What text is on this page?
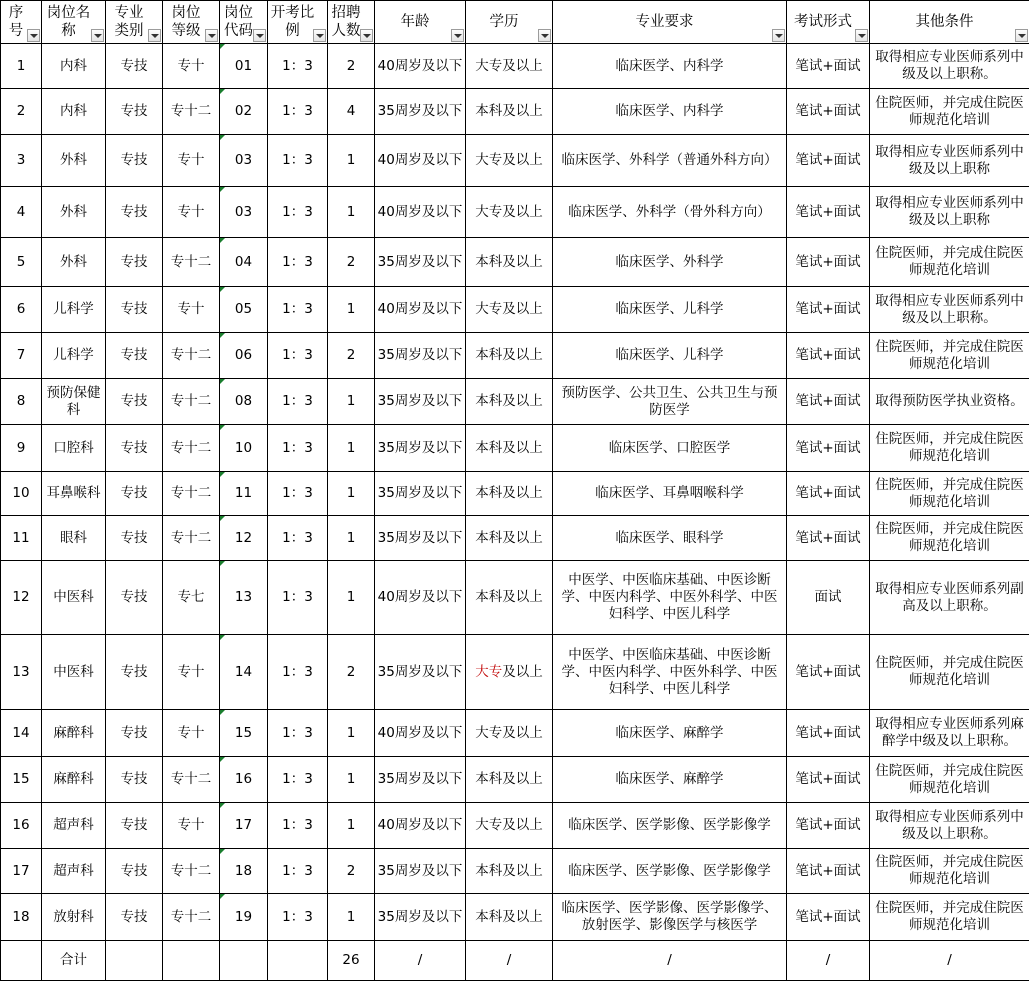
序号	岗位名称	专业类别	岗位等级	岗位代码	开考比例	招聘人数	年龄	学历	专业要求	考试形式	其他条件

1	内科	专技	专十	01	1：3	2	40周岁及以下	大专及以上	临床医学、内科学	笔试+面试	取得相应专业医师系列中级及以上职称。
2	内科	专技	专十二	02	1：3	4	35周岁及以下	本科及以上	临床医学、内科学	笔试+面试	住院医师，并完成住院医师规范化培训
3	外科	专技	专十	03	1：3	1	40周岁及以下	大专及以上	临床医学、外科学（普通外科方向）	笔试+面试	取得相应专业医师系列中级及以上职称
4	外科	专技	专十	03	1：3	1	40周岁及以下	大专及以上	临床医学、外科学（骨外科方向）	笔试+面试	取得相应专业医师系列中级及以上职称
5	外科	专技	专十二	04	1：3	2	35周岁及以下	本科及以上	临床医学、外科学	笔试+面试	住院医师，并完成住院医师规范化培训
6	儿科学	专技	专十	05	1：3	1	40周岁及以下	大专及以上	临床医学、儿科学	笔试+面试	取得相应专业医师系列中级及以上职称。
7	儿科学	专技	专十二	06	1：3	2	35周岁及以下	本科及以上	临床医学、儿科学	笔试+面试	住院医师，并完成住院医师规范化培训
8	预防保健科	专技	专十二	08	1：3	1	35周岁及以下	本科及以上	预防医学、公共卫生、公共卫生与预防医学	笔试+面试	取得预防医学执业资格。
9	口腔科	专技	专十二	10	1：3	1	35周岁及以下	本科及以上	临床医学、口腔医学	笔试+面试	住院医师，并完成住院医师规范化培训
10	耳鼻喉科	专技	专十二	11	1：3	1	35周岁及以下	本科及以上	临床医学、耳鼻咽喉科学	笔试+面试	住院医师，并完成住院医师规范化培训
11	眼科	专技	专十二	12	1：3	1	35周岁及以下	本科及以上	临床医学、眼科学	笔试+面试	住院医师，并完成住院医师规范化培训
12	中医科	专技	专七	13	1：3	1	40周岁及以下	本科及以上	中医学、中医临床基础、中医诊断学、中医内科学、中医外科学、中医妇科学、中医儿科学	面试	取得相应专业医师系列副高及以上职称。
13	中医科	专技	专十	14	1：3	2	35周岁及以下	大专及以上	中医学、中医临床基础、中医诊断学、中医内科学、中医外科学、中医妇科学、中医儿科学	笔试+面试	住院医师，并完成住院医师规范化培训
14	麻醉科	专技	专十	15	1：3	1	40周岁及以下	大专及以上	临床医学、麻醉学	笔试+面试	取得相应专业医师系列麻醉学中级及以上职称。
15	麻醉科	专技	专十二	16	1：3	1	35周岁及以下	本科及以上	临床医学、麻醉学	笔试+面试	住院医师，并完成住院医师规范化培训
16	超声科	专技	专十	17	1：3	1	40周岁及以下	大专及以上	临床医学、医学影像、医学影像学	笔试+面试	取得相应专业医师系列中级及以上职称。
17	超声科	专技	专十二	18	1：3	2	35周岁及以下	本科及以上	临床医学、医学影像、医学影像学	笔试+面试	住院医师，并完成住院医师规范化培训
18	放射科	专技	专十二	19	1：3	1	35周岁及以下	本科及以上	临床医学、医学影像、医学影像学、放射医学、影像医学与核医学	笔试+面试	住院医师，并完成住院医师规范化培训
	合计					26	/	/	/	/	/
